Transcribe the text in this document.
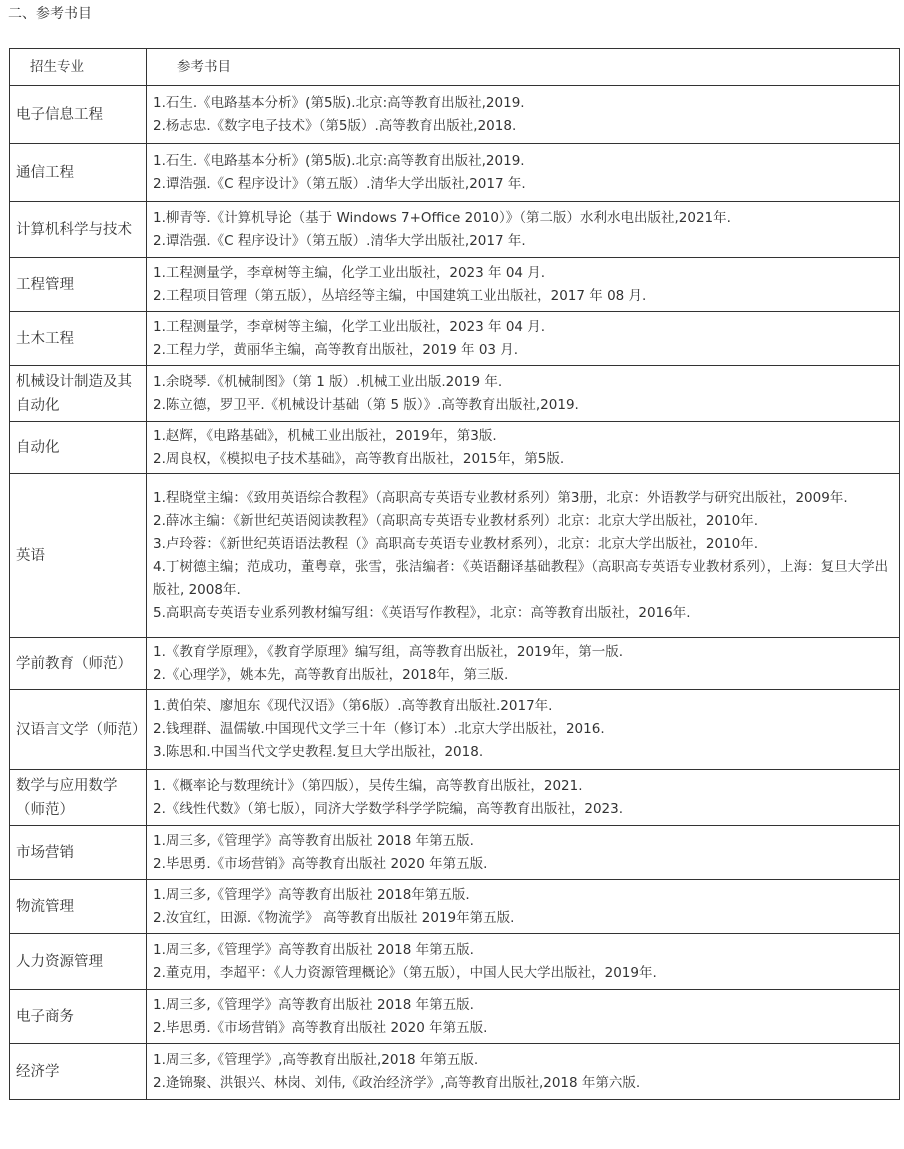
二、参考书目
招生专业	参考书目
电子信息工程	1.石生.《电路基本分析》(第5版).北京:高等教育出版社,2019.
2.杨志忠.《数字电子技术》（第5版）.高等教育出版社,2018.

通信工程	1.石生.《电路基本分析》(第5版).北京:高等教育出版社,2019.
2.谭浩强.《C 程序设计》（第五版）.清华大学出版社,2017 年.

计算机科学与技术	1.柳青等.《计算机导论（基于 Windows 7+Office 2010）》（第二版）水利水电出版社,2021年.
2.谭浩强.《C 程序设计》（第五版）.清华大学出版社,2017 年.

工程管理	1.工程测量学，李章树等主编，化学工业出版社，2023 年 04 月.
2.工程项目管理（第五版），丛培经等主编，中国建筑工业出版社，2017 年 08 月.

土木工程	1.工程测量学，李章树等主编，化学工业出版社，2023 年 04 月.
2.工程力学，黄丽华主编，高等教育出版社，2019 年 03 月.

机械设计制造及其自动化	1.余晓琴.《机械制图》（第 1 版）.机械工业出版.2019 年.
2.陈立德，罗卫平.《机械设计基础（第 5 版）》.高等教育出版社,2019.

自动化	1.赵辉，《电路基础》，机械工业出版社，2019年，第3版.
2.周良权，《模拟电子技术基础》，高等教育出版社，2015年，第5版.

英语	1.程晓堂主编：《致用英语综合教程》（高职高专英语专业教材系列）第3册，北京：外语教学与研究出版社，2009年.
2.薛冰主编：《新世纪英语阅读教程》（高职高专英语专业教材系列）北京：北京大学出版社，2010年.
3.卢玲蓉：《新世纪英语语法教程（》高职高专英语专业教材系列），北京：北京大学出版社，2010年.
4.丁树德主编；范成功，董粤章，张雪，张洁编者：《英语翻译基础教程》（高职高专英语专业教材系列），上海：复旦大学出版社, 2008年.
5.高职高专英语专业系列教材编写组：《英语写作教程》，北京：高等教育出版社，2016年.

学前教育（师范）	1.《教育学原理》，《教育学原理》编写组，高等教育出版社，2019年，第一版.
2.《心理学》，姚本先，高等教育出版社，2018年，第三版.

汉语言文学（师范）	1.黄伯荣、廖旭东《现代汉语》（第6版）.高等教育出版社.2017年.
2.钱理群、温儒敏.中国现代文学三十年（修订本）.北京大学出版社，2016.
3.陈思和.中国当代文学史教程.复旦大学出版社，2018.

数学与应用数学（师范）	1.《概率论与数理统计》（第四版），吴传生编，高等教育出版社，2021.
2.《线性代数》（第七版），同济大学数学科学学院编，高等教育出版社，2023.

市场营销	1.周三多,《管理学》高等教育出版社 2018 年第五版.
2.毕思勇.《市场营销》高等教育出版社 2020 年第五版.

物流管理	1.周三多,《管理学》高等教育出版社 2018年第五版.
2.汝宜红，田源.《物流学》 高等教育出版社 2019年第五版.

人力资源管理	1.周三多,《管理学》高等教育出版社 2018 年第五版.
2.董克用，李超平：《人力资源管理概论》（第五版），中国人民大学出版社，2019年.

电子商务	1.周三多,《管理学》高等教育出版社 2018 年第五版.
2.毕思勇.《市场营销》高等教育出版社 2020 年第五版.

经济学	1.周三多,《管理学》,高等教育出版社,2018 年第五版.
2.逄锦聚、洪银兴、林岗、刘伟,《政治经济学》,高等教育出版社,2018 年第六版.
